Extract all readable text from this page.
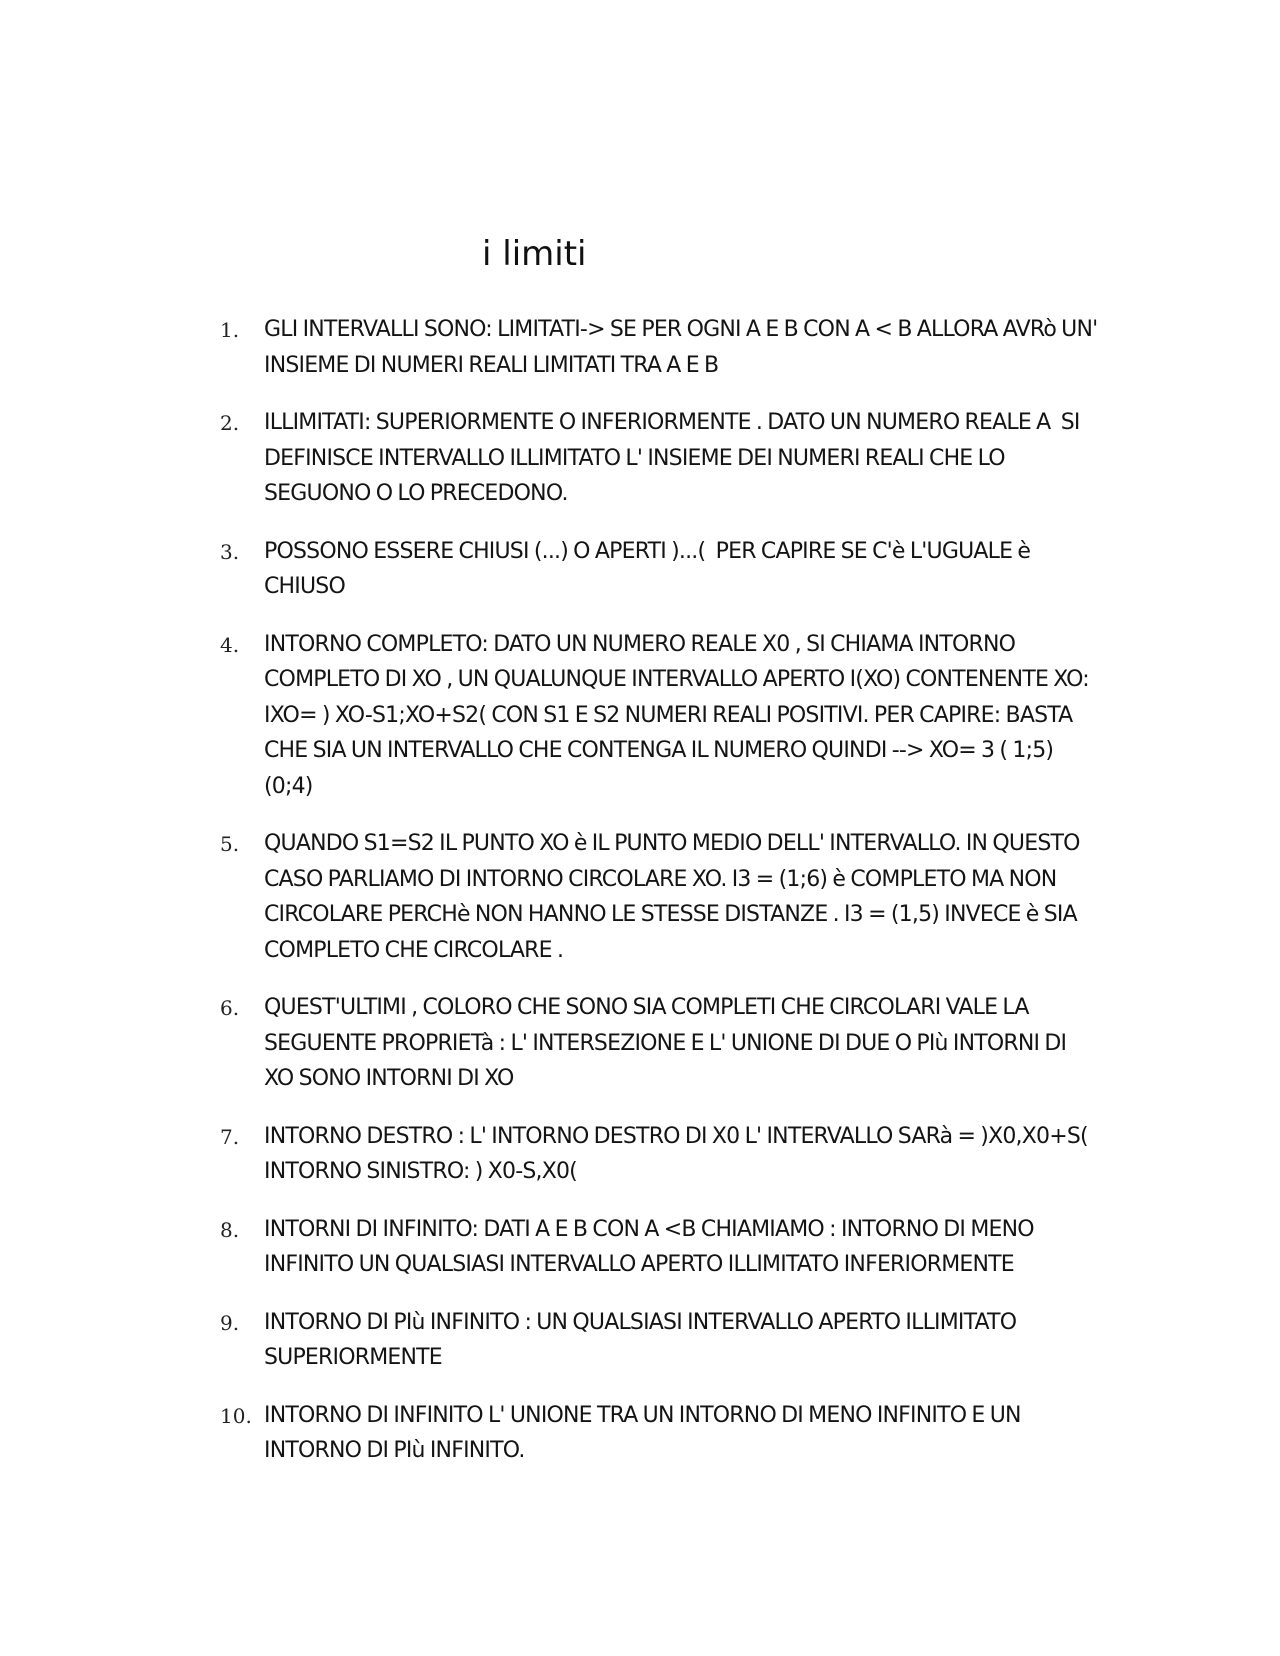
i limiti
1.	GLI INTERVALLI SONO: LIMITATI-> SE PER OGNI A E B CON A < B ALLORA AVRò UN' INSIEME DI NUMERI REALI LIMITATI TRA A E B
2.	ILLIMITATI: SUPERIORMENTE O INFERIORMENTE . DATO UN NUMERO REALE A  SI DEFINISCE INTERVALLO ILLIMITATO L' INSIEME DEI NUMERI REALI CHE LO SEGUONO O LO PRECEDONO.
3.	POSSONO ESSERE CHIUSI (...) O APERTI )...(  PER CAPIRE SE C'è L'UGUALE è CHIUSO
4.	INTORNO COMPLETO: DATO UN NUMERO REALE X0 , SI CHIAMA INTORNO COMPLETO DI XO , UN QUALUNQUE INTERVALLO APERTO I(XO) CONTENENTE XO: IXO= ) XO-S1;XO+S2( CON S1 E S2 NUMERI REALI POSITIVI. PER CAPIRE: BASTA CHE SIA UN INTERVALLO CHE CONTENGA IL NUMERO QUINDI --> XO= 3 ( 1;5) (0;4)
5.	QUANDO S1=S2 IL PUNTO XO è IL PUNTO MEDIO DELL' INTERVALLO. IN QUESTO CASO PARLIAMO DI INTORNO CIRCOLARE XO. I3 = (1;6) è COMPLETO MA NON CIRCOLARE PERCHè NON HANNO LE STESSE DISTANZE . I3 = (1,5) INVECE è SIA COMPLETO CHE CIRCOLARE .
6.	QUEST'ULTIMI , COLORO CHE SONO SIA COMPLETI CHE CIRCOLARI VALE LA SEGUENTE PROPRIETà : L' INTERSEZIONE E L' UNIONE DI DUE O PIù INTORNI DI XO SONO INTORNI DI XO
7.	INTORNO DESTRO : L' INTORNO DESTRO DI X0 L' INTERVALLO SARà = )X0,X0+S( INTORNO SINISTRO: ) X0-S,X0(
8.	INTORNI DI INFINITO: DATI A E B CON A <B CHIAMIAMO : INTORNO DI MENO INFINITO UN QUALSIASI INTERVALLO APERTO ILLIMITATO INFERIORMENTE
9.	INTORNO DI PIù INFINITO : UN QUALSIASI INTERVALLO APERTO ILLIMITATO SUPERIORMENTE
10. INTORNO DI INFINITO L' UNIONE TRA UN INTORNO DI MENO INFINITO E UN INTORNO DI PIù INFINITO.
